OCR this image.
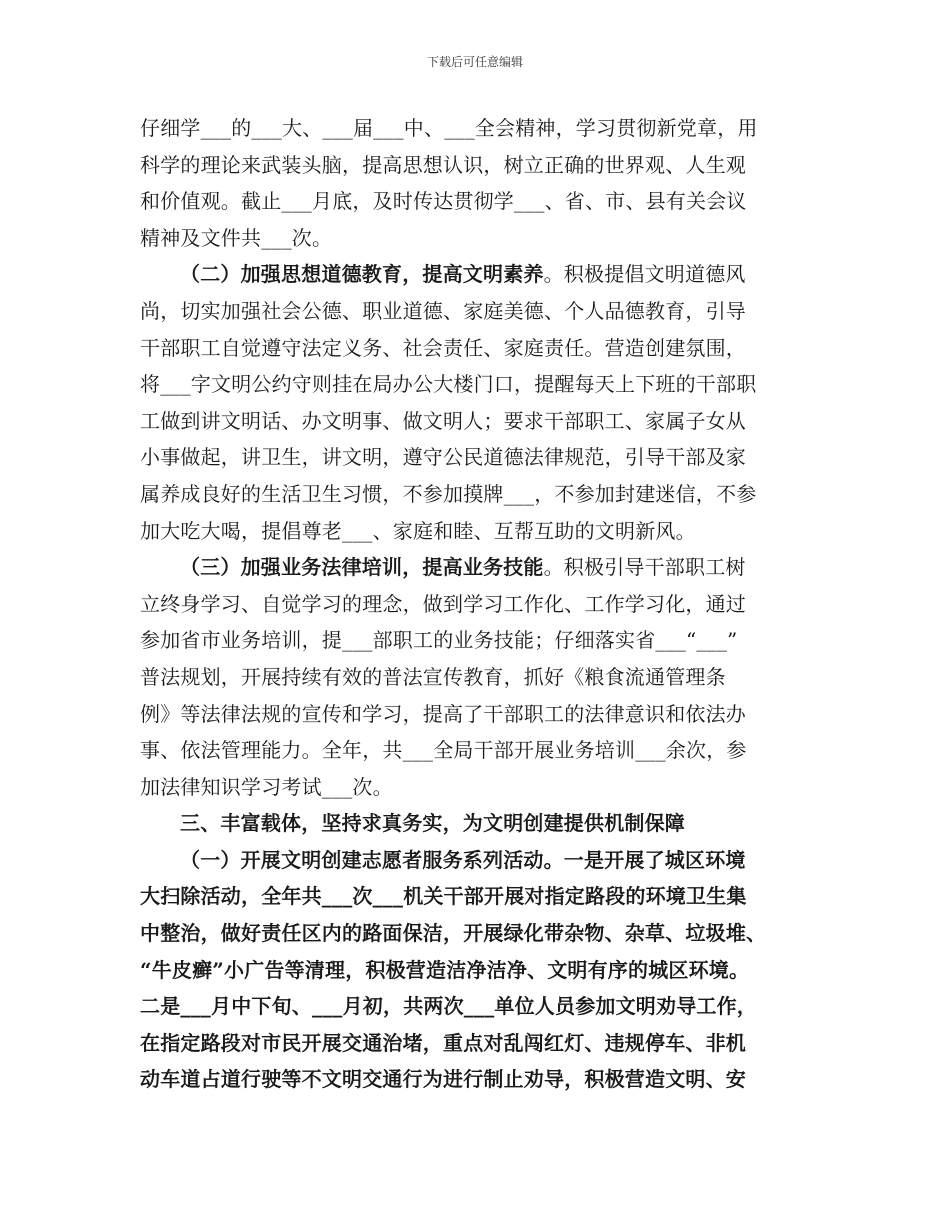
下载后可任意编辑
仔细学___的___大、___届___中、___全会精神，学习贯彻新党章，用
科学的理论来武装头脑，提高思想认识，树立正确的世界观、人生观
和价值观。截止___月底，及时传达贯彻学___、省、市、县有关会议
精神及文件共___次。
（二）加强思想道德教育，提高文明素养。积极提倡文明道德风
尚，切实加强社会公德、职业道德、家庭美德、个人品德教育，引导
干部职工自觉遵守法定义务、社会责任、家庭责任。营造创建氛围，
将___字文明公约守则挂在局办公大楼门口，提醒每天上下班的干部职
工做到讲文明话、办文明事、做文明人；要求干部职工、家属子女从
小事做起，讲卫生，讲文明，遵守公民道德法律规范，引导干部及家
属养成良好的生活卫生习惯，不参加摸牌___，不参加封建迷信，不参
加大吃大喝，提倡尊老___、家庭和睦、互帮互助的文明新风。
（三）加强业务法律培训，提高业务技能。积极引导干部职工树
立终身学习、自觉学习的理念，做到学习工作化、工作学习化，通过
参加省市业务培训，提___部职工的业务技能；仔细落实省___“___”
普法规划，开展持续有效的普法宣传教育，抓好《粮食流通管理条
例》等法律法规的宣传和学习，提高了干部职工的法律意识和依法办
事、依法管理能力。全年，共___全局干部开展业务培训___余次，参
加法律知识学习考试___次。
三、丰富载体，坚持求真务实，为文明创建提供机制保障
（一）开展文明创建志愿者服务系列活动。一是开展了城区环境
大扫除活动，全年共___次___机关干部开展对指定路段的环境卫生集
中整治，做好责任区内的路面保洁，开展绿化带杂物、杂草、垃圾堆、
“牛皮癣”小广告等清理，积极营造洁净洁净、文明有序的城区环境。
二是___月中下旬、___月初，共两次___单位人员参加文明劝导工作，
在指定路段对市民开展交通治堵，重点对乱闯红灯、违规停车、非机
动车道占道行驶等不文明交通行为进行制止劝导，积极营造文明、安
